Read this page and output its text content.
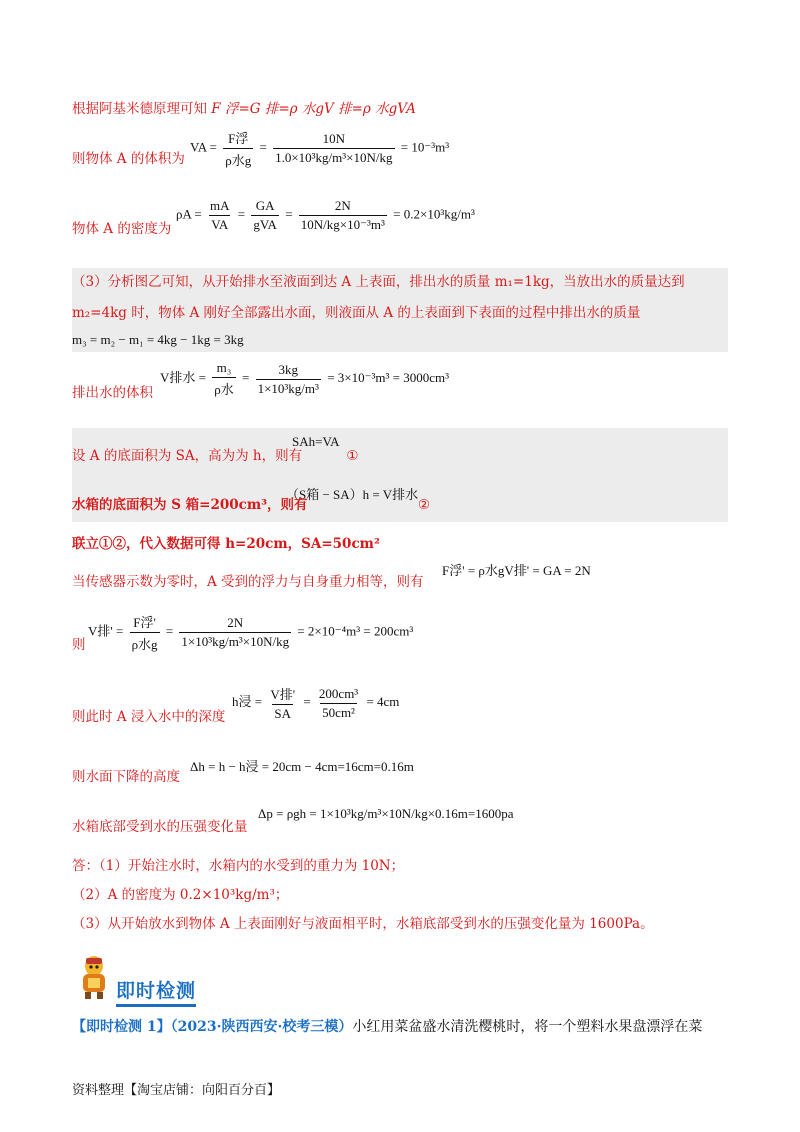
根据阿基米德原理可知 F 浮=G 排=ρ 水gV 排=ρ 水gVA
VA = $\frac{\text{F浮}}{\text{ρ水g}} = \frac{10N}{\text{1.0×10³kg/m³×10N/kg}} = 10^{-3}m^3$
则物体 A 的体积为
$\rho A = \frac{mA}{VA} = \frac{GA}{\text{gVA}} = \frac{2N}{\text{10N/kg×10⁻³m³}} = 0.2\times 10^3kg/m^3$
物体 A 的密度为
（3）分析图乙可知，从开始排水至液面到达 A 上表面，排出水的质量 m₁=1kg，当放出水的质量达到
m₂=4kg 时，物体 A 刚好全部露出水面，则液面从 A 的上表面到下表面的过程中排出水的质量
m₃ = m₂ − m₁ = 4kg − 1kg = 3kg
V排水 = $\frac{\text{m₃}}{\text{ρ水}} = \frac{3kg}{\text{1×10³kg/m³}} = 3\times 10^{-3}m^3 = 3000cm^3$
排出水的体积
SAh=VA
设 A 的底面积为 SA，高为为 h，则有	①
（S箱 − SA）h = V排水
水箱的底面积为 S 箱=200cm³，则有	②
联立①②，代入数据可得 h=20cm，SA=50cm²
F浮' = ρ水gV排' = GA = 2N
当传感器示数为零时，A 受到的浮力与自身重力相等，则有
V排' = $\frac{\text{F浮'}}{\text{ρ水g}} = \frac{2N}{\text{1×10³kg/m³×10N/kg}} = 2\times 10^{-4}m^3 = 200cm^3$
则
h浸 = $\frac{\text{V排'}}{SA} = \frac{\text{200cm³}}{\text{50cm²}} = 4cm$
则此时 A 浸入水中的深度
Δh = h − h浸 = 20cm − 4cm=16cm=0.16m
则水面下降的高度
Δp = ρgh = 1×10³kg/m³×10N/kg×0.16m=1600pa
水箱底部受到水的压强变化量
答：（1）开始注水时，水箱内的水受到的重力为 10N；
（2）A 的密度为 0.2×10³kg/m³；
（3）从开始放水到物体 A 上表面刚好与液面相平时，水箱底部受到水的压强变化量为 1600Pa。
即时检测
【即时检测 1】（2023·陕西西安·校考三模）小红用菜盆盛水清洗樱桃时，将一个塑料水果盘漂浮在菜
资料整理【淘宝店铺：向阳百分百】
